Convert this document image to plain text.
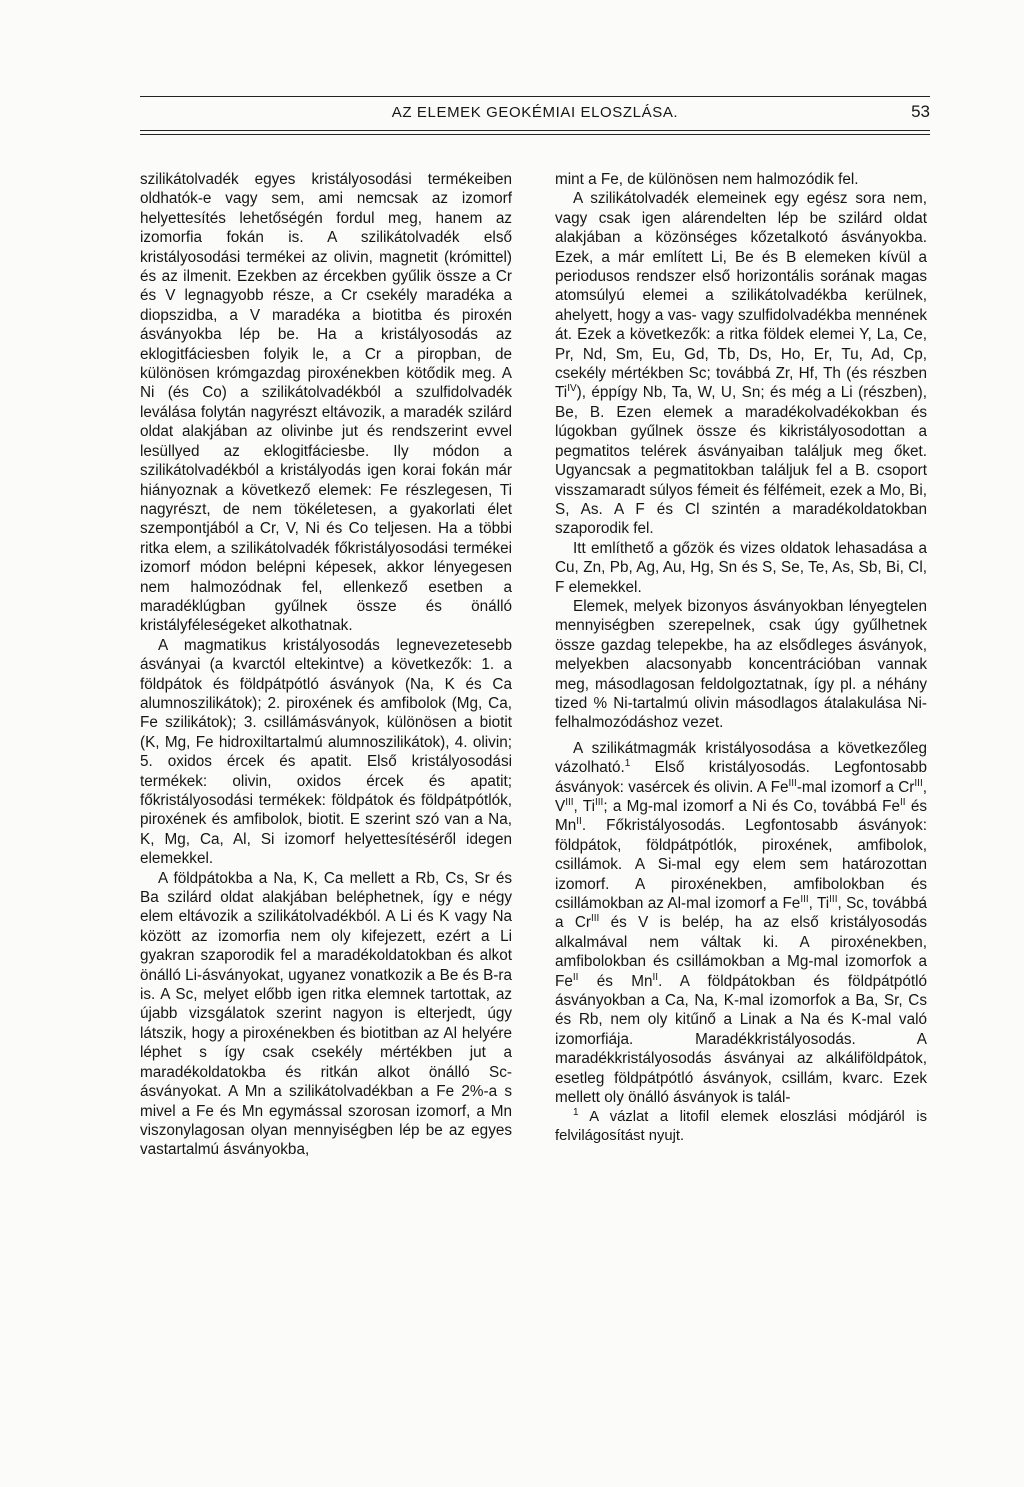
AZ ELEMEK GEOKÉMIAI ELOSZLÁSA.	53

szilikátolvadék egyes kristályosodási termékeiben oldhatók-e vagy sem, ami nemcsak az izomorf helyettesítés lehetőségén fordul meg, hanem az izomorfia fokán is. A szilikátolvadék első kristályosodási termékei az olivin, magnetit (krómittel) és az ilmenit. Ezekben az ércekben gyűlik össze a Cr és V legnagyobb része, a Cr csekély maradéka a diopszidba, a V maradéka a biotitba és piroxén ásványokba lép be. Ha a kristályosodás az eklogitfáciesben folyik le, a Cr a piropban, de különösen krómgazdag piroxénekben kötődik meg. A Ni (és Co) a szilikátolvadékból a szulfidolvadék leválása folytán nagyrészt eltávozik, a maradék szilárd oldat alakjában az olivinbe jut és rendszerint evvel lesüllyed az eklogitfáciesbe. Ily módon a szilikátolvadékból a kristályodás igen korai fokán már hiányoznak a következő elemek: Fe részlegesen, Ti nagyrészt, de nem tökéletesen, a gyakorlati élet szempontjából a Cr, V, Ni és Co teljesen. Ha a többi ritka elem, a szilikátolvadék főkristályosodási termékei izomorf módon belépni képesek, akkor lényegesen nem halmozódnak fel, ellenkező esetben a maradéklúgban gyűlnek össze és önálló kristályféleségeket alkothatnak.

A magmatikus kristályosodás legnevezetesebb ásványai (a kvarctól eltekintve) a következők: 1. a földpátok és földpátpótló ásványok (Na, K és Ca alumnoszilikátok); 2. piroxének és amfibolok (Mg, Ca, Fe szilikátok); 3. csillámásványok, különösen a biotit (K, Mg, Fe hidroxiltartalmú alumnoszilikátok), 4. olivin; 5. oxidos ércek és apatit. Első kristályosodási termékek: olivin, oxidos ércek és apatit; főkristályosodási termékek: földpátok és földpátpótlók, piroxének és amfibolok, biotit. E szerint szó van a Na, K, Mg, Ca, Al, Si izomorf helyettesítéséről idegen elemekkel.

A földpátokba a Na, K, Ca mellett a Rb, Cs, Sr és Ba szilárd oldat alakjában beléphetnek, így e négy elem eltávozik a szilikátolvadékból. A Li és K vagy Na között az izomorfia nem oly kifejezett, ezért a Li gyakran szaporodik fel a maradékoldatokban és alkot önálló Li-ásványokat, ugyanez vonatkozik a Be és B-ra is. A Sc, melyet előbb igen ritka elemnek tartottak, az újabb vizsgálatok szerint nagyon is elterjedt, úgy látszik, hogy a piroxénekben és biotitban az Al helyére léphet s így csak csekély mértékben jut a maradékoldatokba és ritkán alkot önálló Sc-ásványokat. A Mn a szilikátolvadékban a Fe 2%-a s mivel a Fe és Mn egymással szorosan izomorf, a Mn viszonylagosan olyan mennyiségben lép be az egyes vastartalmú ásványokba,

mint a Fe, de különösen nem halmozódik fel.

A szilikátolvadék elemeinek egy egész sora nem, vagy csak igen alárendelten lép be szilárd oldat alakjában a közönséges kőzetalkotó ásványokba. Ezek, a már említett Li, Be és B elemeken kívül a periodusos rendszer első horizontális sorának magas atomsúlyú elemei a szilikátolvadékba kerülnek, ahelyett, hogy a vas- vagy szulfidolvadékba mennének át. Ezek a következők: a ritka földek elemei Y, La, Ce, Pr, Nd, Sm, Eu, Gd, Tb, Ds, Ho, Er, Tu, Ad, Cp, csekély mértékben Sc; továbbá Zr, Hf, Th (és részben $Ti^{IV}$), éppígy Nb, Ta, W, U, Sn; és még a Li (részben), Be, B. Ezen elemek a maradékolvadékokban és lúgokban gyűlnek össze és kikristályosodottan a pegmatitos telérek ásványaiban találjuk meg őket. Ugyancsak a pegmatitokban találjuk fel a B. csoport visszamaradt súlyos fémeit és félfémeit, ezek a Mo, Bi, S, As. A F és Cl szintén a maradékoldatokban szaporodik fel.

Itt említhető a gőzök és vizes oldatok lehasadása a Cu, Zn, Pb, Ag, Au, Hg, Sn és S, Se, Te, As, Sb, Bi, Cl, F elemekkel.

Elemek, melyek bizonyos ásványokban lényegtelen mennyiségben szerepelnek, csak úgy gyűlhetnek össze gazdag telepekbe, ha az elsődleges ásványok, melyekben alacsonyabb koncentrációban vannak meg, másodlagosan feldolgoztatnak, így pl. a néhány tized % Ni-tartalmú olivin másodlagos átalakulása Ni-felhalmozódáshoz vezet.

A szilikátmagmák kristályosodása a következőleg vázolható.$^1$ Első kristályosodás. Legfontosabb ásványok: vasércek és olivin. A $Fe^{III}$-mal izomorf a $Cr^{III}$, $V^{III}$, $Ti^{III}$; a Mg-mal izomorf a Ni és Co, továbbá $Fe^{II}$ és $Mn^{II}$. Főkristályosodás. Legfontosabb ásványok: földpátok, földpátpótlók, piroxének, amfibolok, csillámok. A Si-mal egy elem sem határozottan izomorf. A piroxénekben, amfibolokban és csillámokban az Al-mal izomorf a $Fe^{III}$, $Ti^{III}$, Sc, továbbá a $Cr^{III}$ és V is belép, ha az első kristályosodás alkalmával nem váltak ki. A piroxénekben, amfibolokban és csillámokban a Mg-mal izomorfok a $Fe^{II}$ és $Mn^{II}$. A földpátokban és földpátpótló ásványokban a Ca, Na, K-mal izomorfok a Ba, Sr, Cs és Rb, nem oly kitűnő a Linak a Na és K-mal való izomorfiája. Maradékkristályosodás. A maradékkristályosodás ásványai az alkáliföldpátok, esetleg földpátpótló ásványok, csillám, kvarc. Ezek mellett oly önálló ásványok is talál-

$^1$ A vázlat a litofil elemek eloszlási módjáról is felvilágosítást nyujt.
